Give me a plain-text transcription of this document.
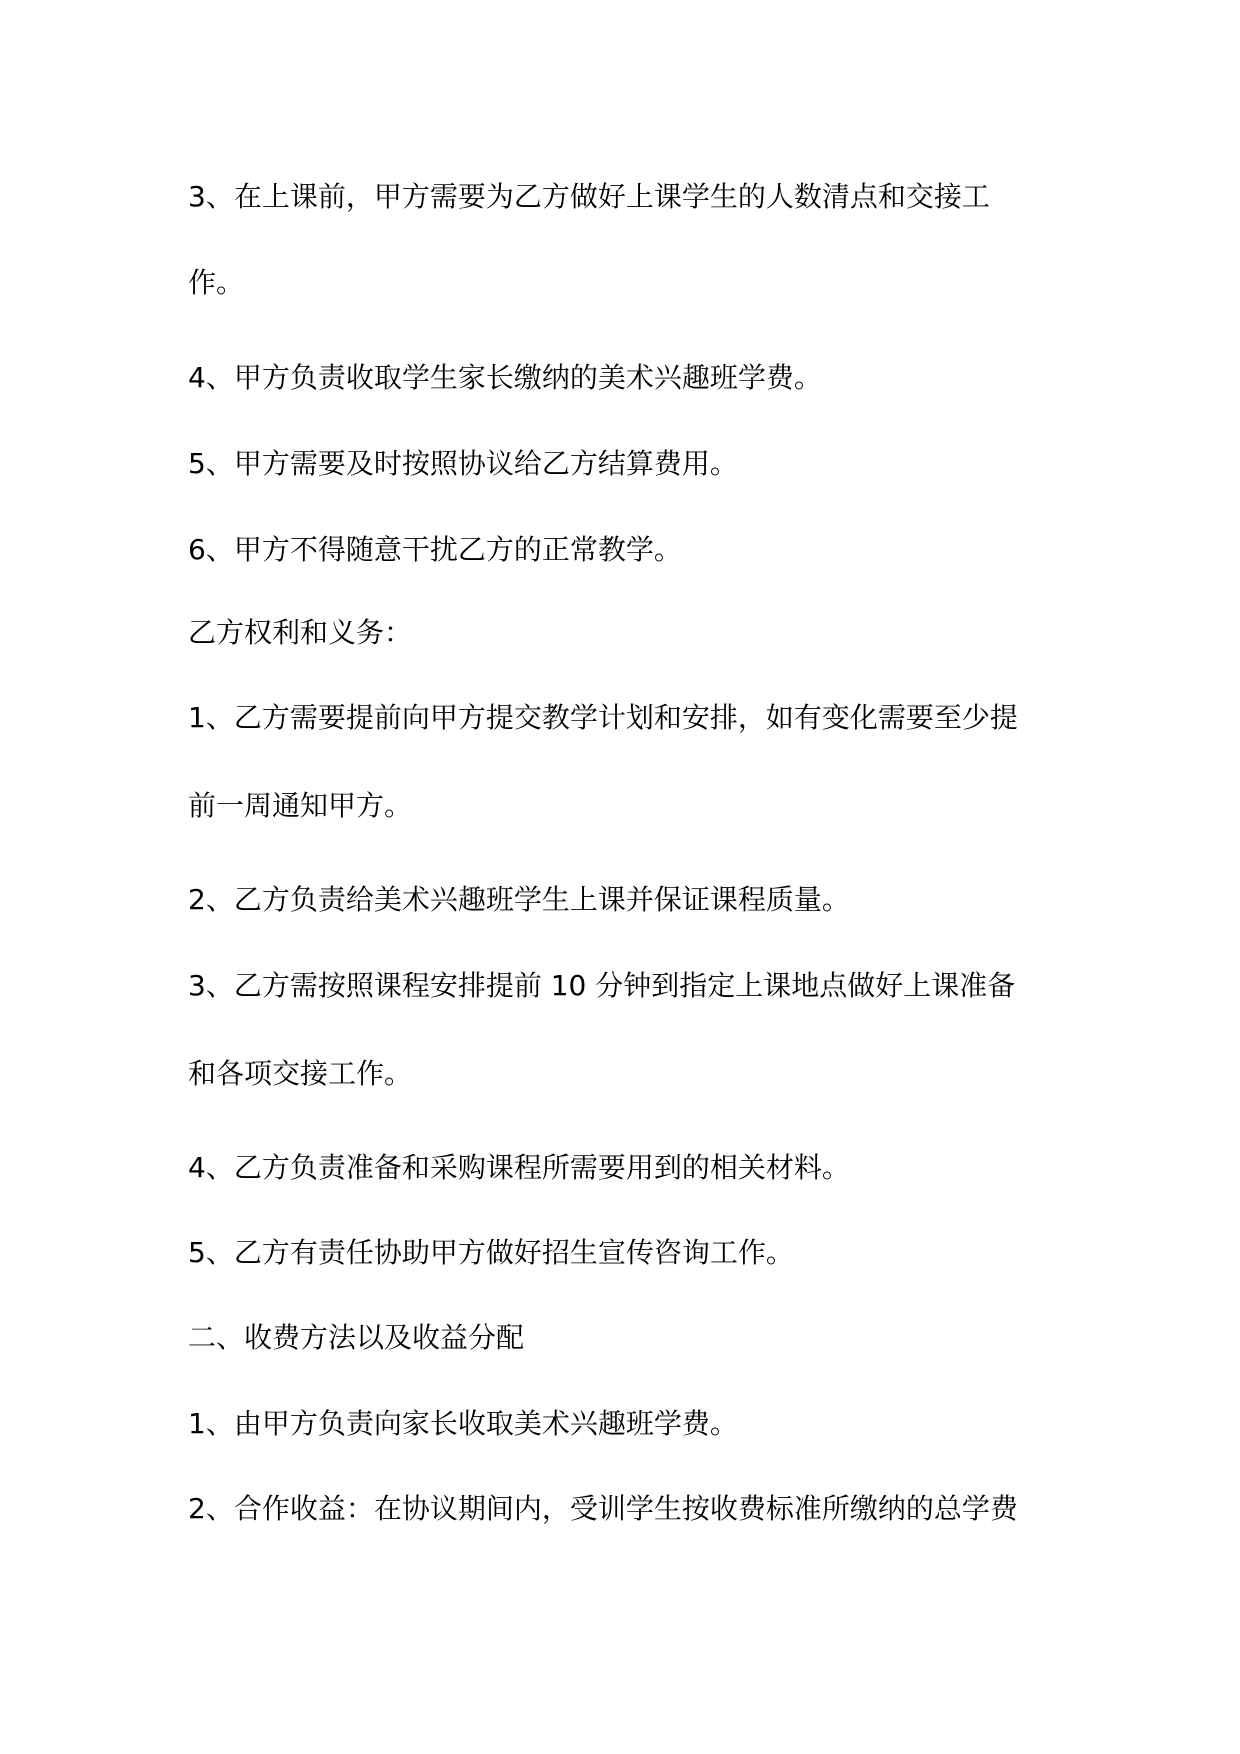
3、在上课前，甲方需要为乙方做好上课学生的人数清点和交接工
作。
4、甲方负责收取学生家长缴纳的美术兴趣班学费。
5、甲方需要及时按照协议给乙方结算费用。
6、甲方不得随意干扰乙方的正常教学。
乙方权利和义务：
1、乙方需要提前向甲方提交教学计划和安排，如有变化需要至少提
前一周通知甲方。
2、乙方负责给美术兴趣班学生上课并保证课程质量。
3、乙方需按照课程安排提前 10 分钟到指定上课地点做好上课准备
和各项交接工作。
4、乙方负责准备和采购课程所需要用到的相关材料。
5、乙方有责任协助甲方做好招生宣传咨询工作。
二、收费方法以及收益分配
1、由甲方负责向家长收取美术兴趣班学费。
2、合作收益：在协议期间内，受训学生按收费标准所缴纳的总学费
